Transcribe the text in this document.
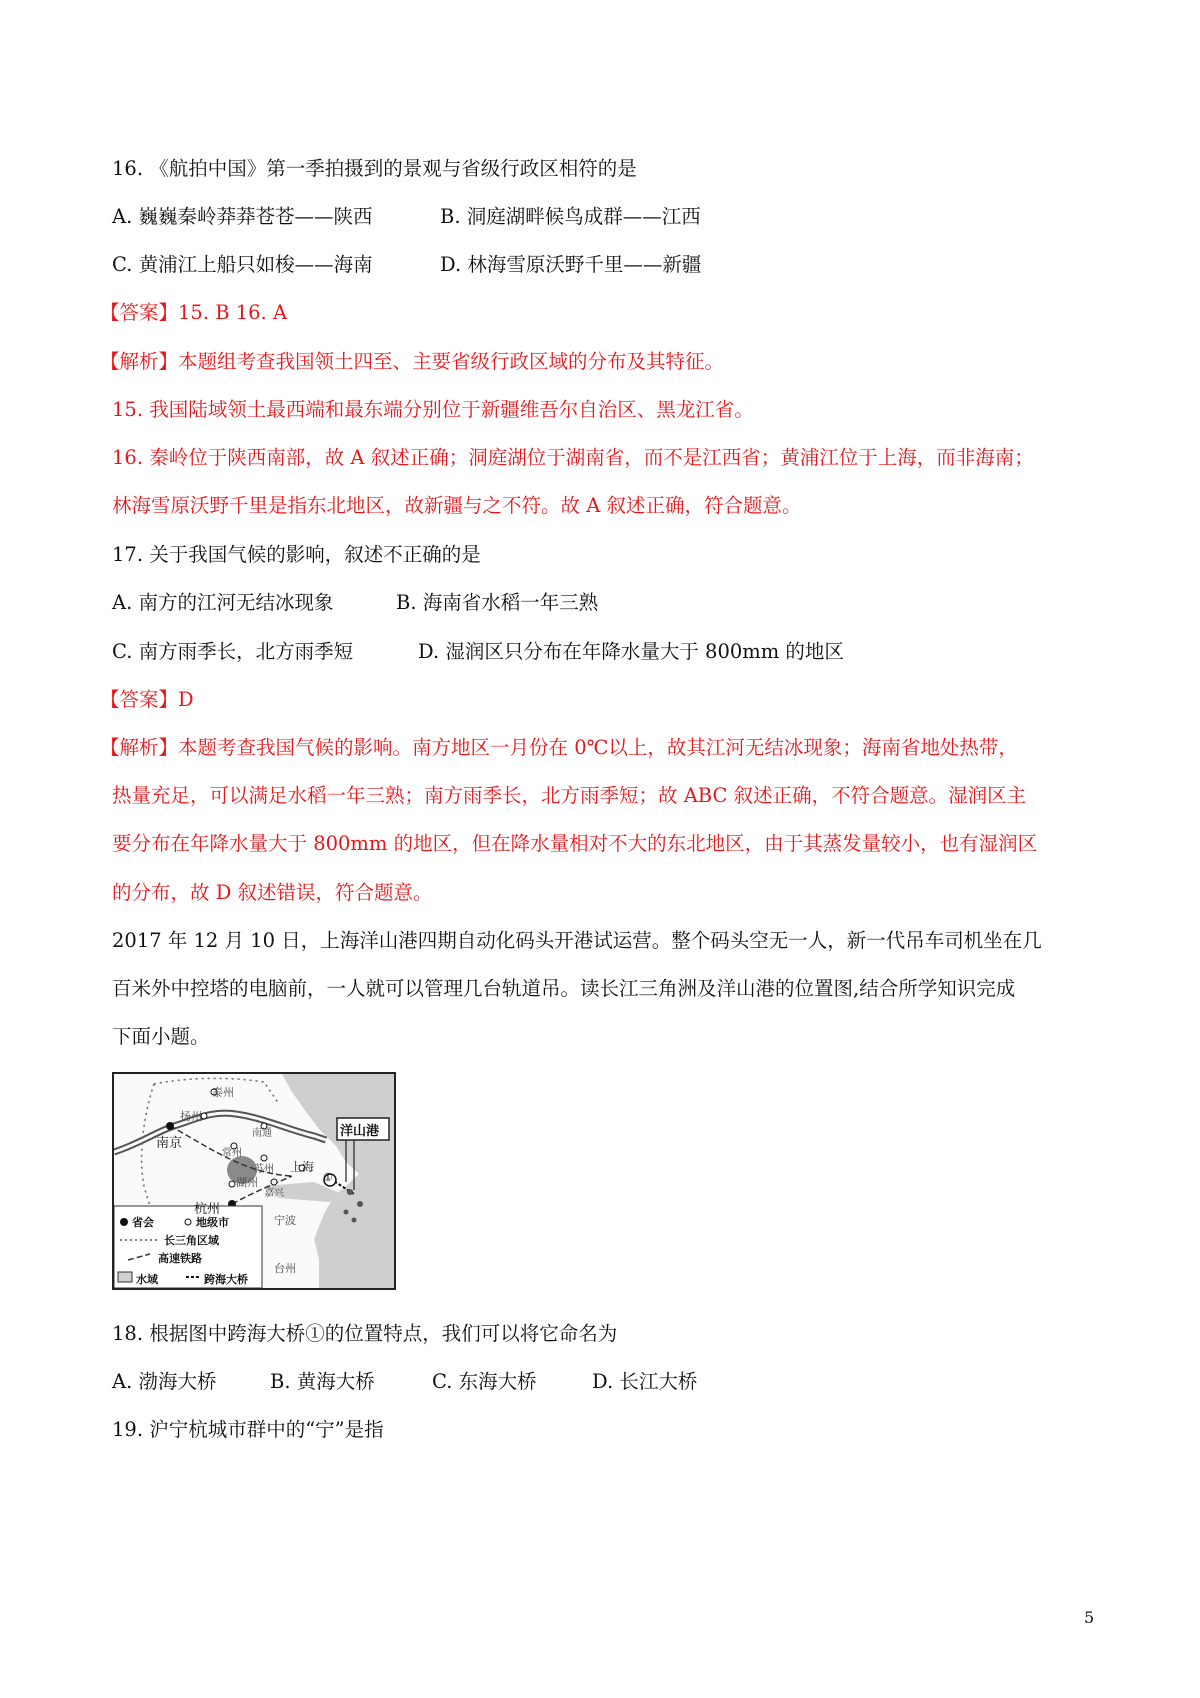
16. 《航拍中国》第一季拍摄到的景观与省级行政区相符的是
A. 巍巍秦岭莽莽苍苍——陕西	B. 洞庭湖畔候鸟成群——江西
C. 黄浦江上船只如梭——海南	D. 林海雪原沃野千里——新疆
【答案】15. B 16. A
【解析】本题组考查我国领土四至、主要省级行政区域的分布及其特征。
15. 我国陆域领土最西端和最东端分别位于新疆维吾尔自治区、黑龙江省。
16. 秦岭位于陕西南部，故 A 叙述正确；洞庭湖位于湖南省，而不是江西省；黄浦江位于上海，而非海南；
林海雪原沃野千里是指东北地区，故新疆与之不符。故 A 叙述正确，符合题意。
17. 关于我国气候的影响，叙述不正确的是
A. 南方的江河无结冰现象	B. 海南省水稻一年三熟
C. 南方雨季长，北方雨季短	D. 湿润区只分布在年降水量大于 800mm 的地区
【答案】D
【解析】本题考查我国气候的影响。南方地区一月份在 0℃以上，故其江河无结冰现象；海南省地处热带，
热量充足，可以满足水稻一年三熟；南方雨季长，北方雨季短；故 ABC 叙述正确，不符合题意。湿润区主
要分布在年降水量大于 800mm 的地区，但在降水量相对不大的东北地区，由于其蒸发量较小，也有湿润区
的分布，故 D 叙述错误，符合题意。
2017 年 12 月 10 日，上海洋山港四期自动化码头开港试运营。整个码头空无一人，新一代吊车司机坐在几
百米外中控塔的电脑前，一人就可以管理几台轨道吊。读长江三角洲及洋山港的位置图,结合所学知识完成
下面小题。
泰州
扬州
南通
南京
常州
苏州
湖州
嘉兴
上海
杭州
宁波
台州
洋山港
①
省会	地级市
长三角区域
高速铁路
水域	跨海大桥
18. 根据图中跨海大桥①的位置特点，我们可以将它命名为
A. 渤海大桥	B. 黄海大桥	C. 东海大桥	D. 长江大桥
19. 沪宁杭城市群中的“宁”是指
5
